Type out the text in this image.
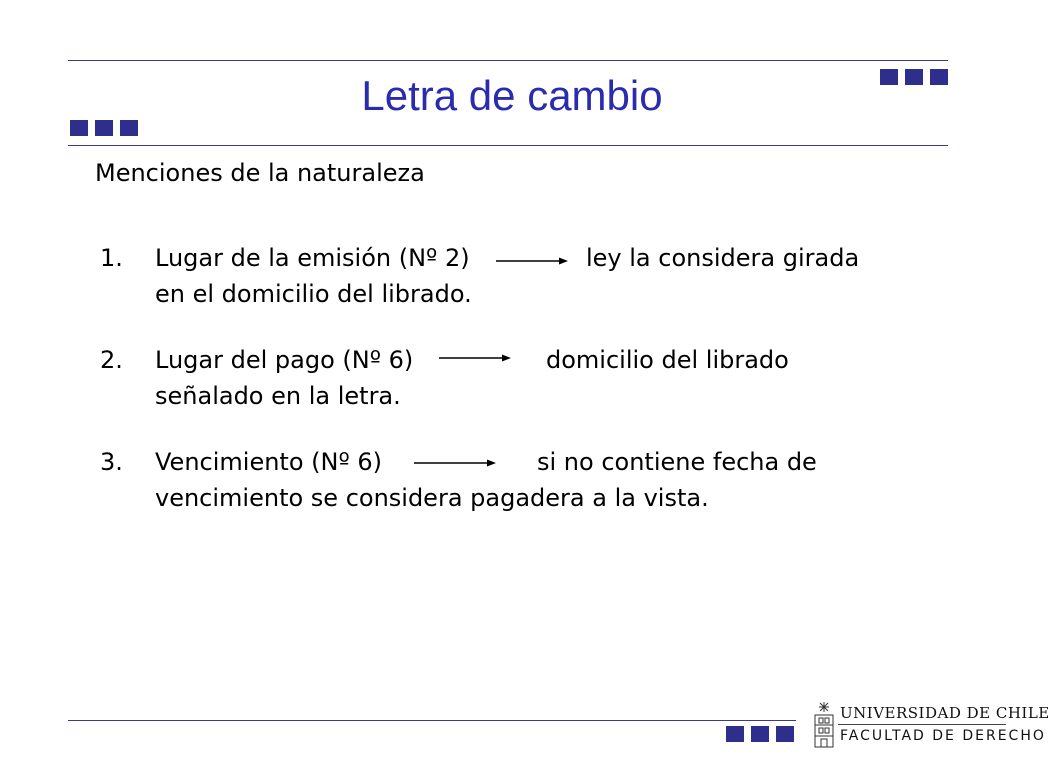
Letra de cambio
Menciones de la naturaleza
1. Lugar de la emisión (Nº 2)	ley la considera girada
en el domicilio del librado.
2. Lugar del pago (Nº 6)	domicilio del librado
señalado en la letra.
3. Vencimiento (Nº 6)	si no contiene fecha de
vencimiento se considera pagadera a la vista.
UNIVERSIDAD DE CHILE
FACULTAD DE DERECHO
